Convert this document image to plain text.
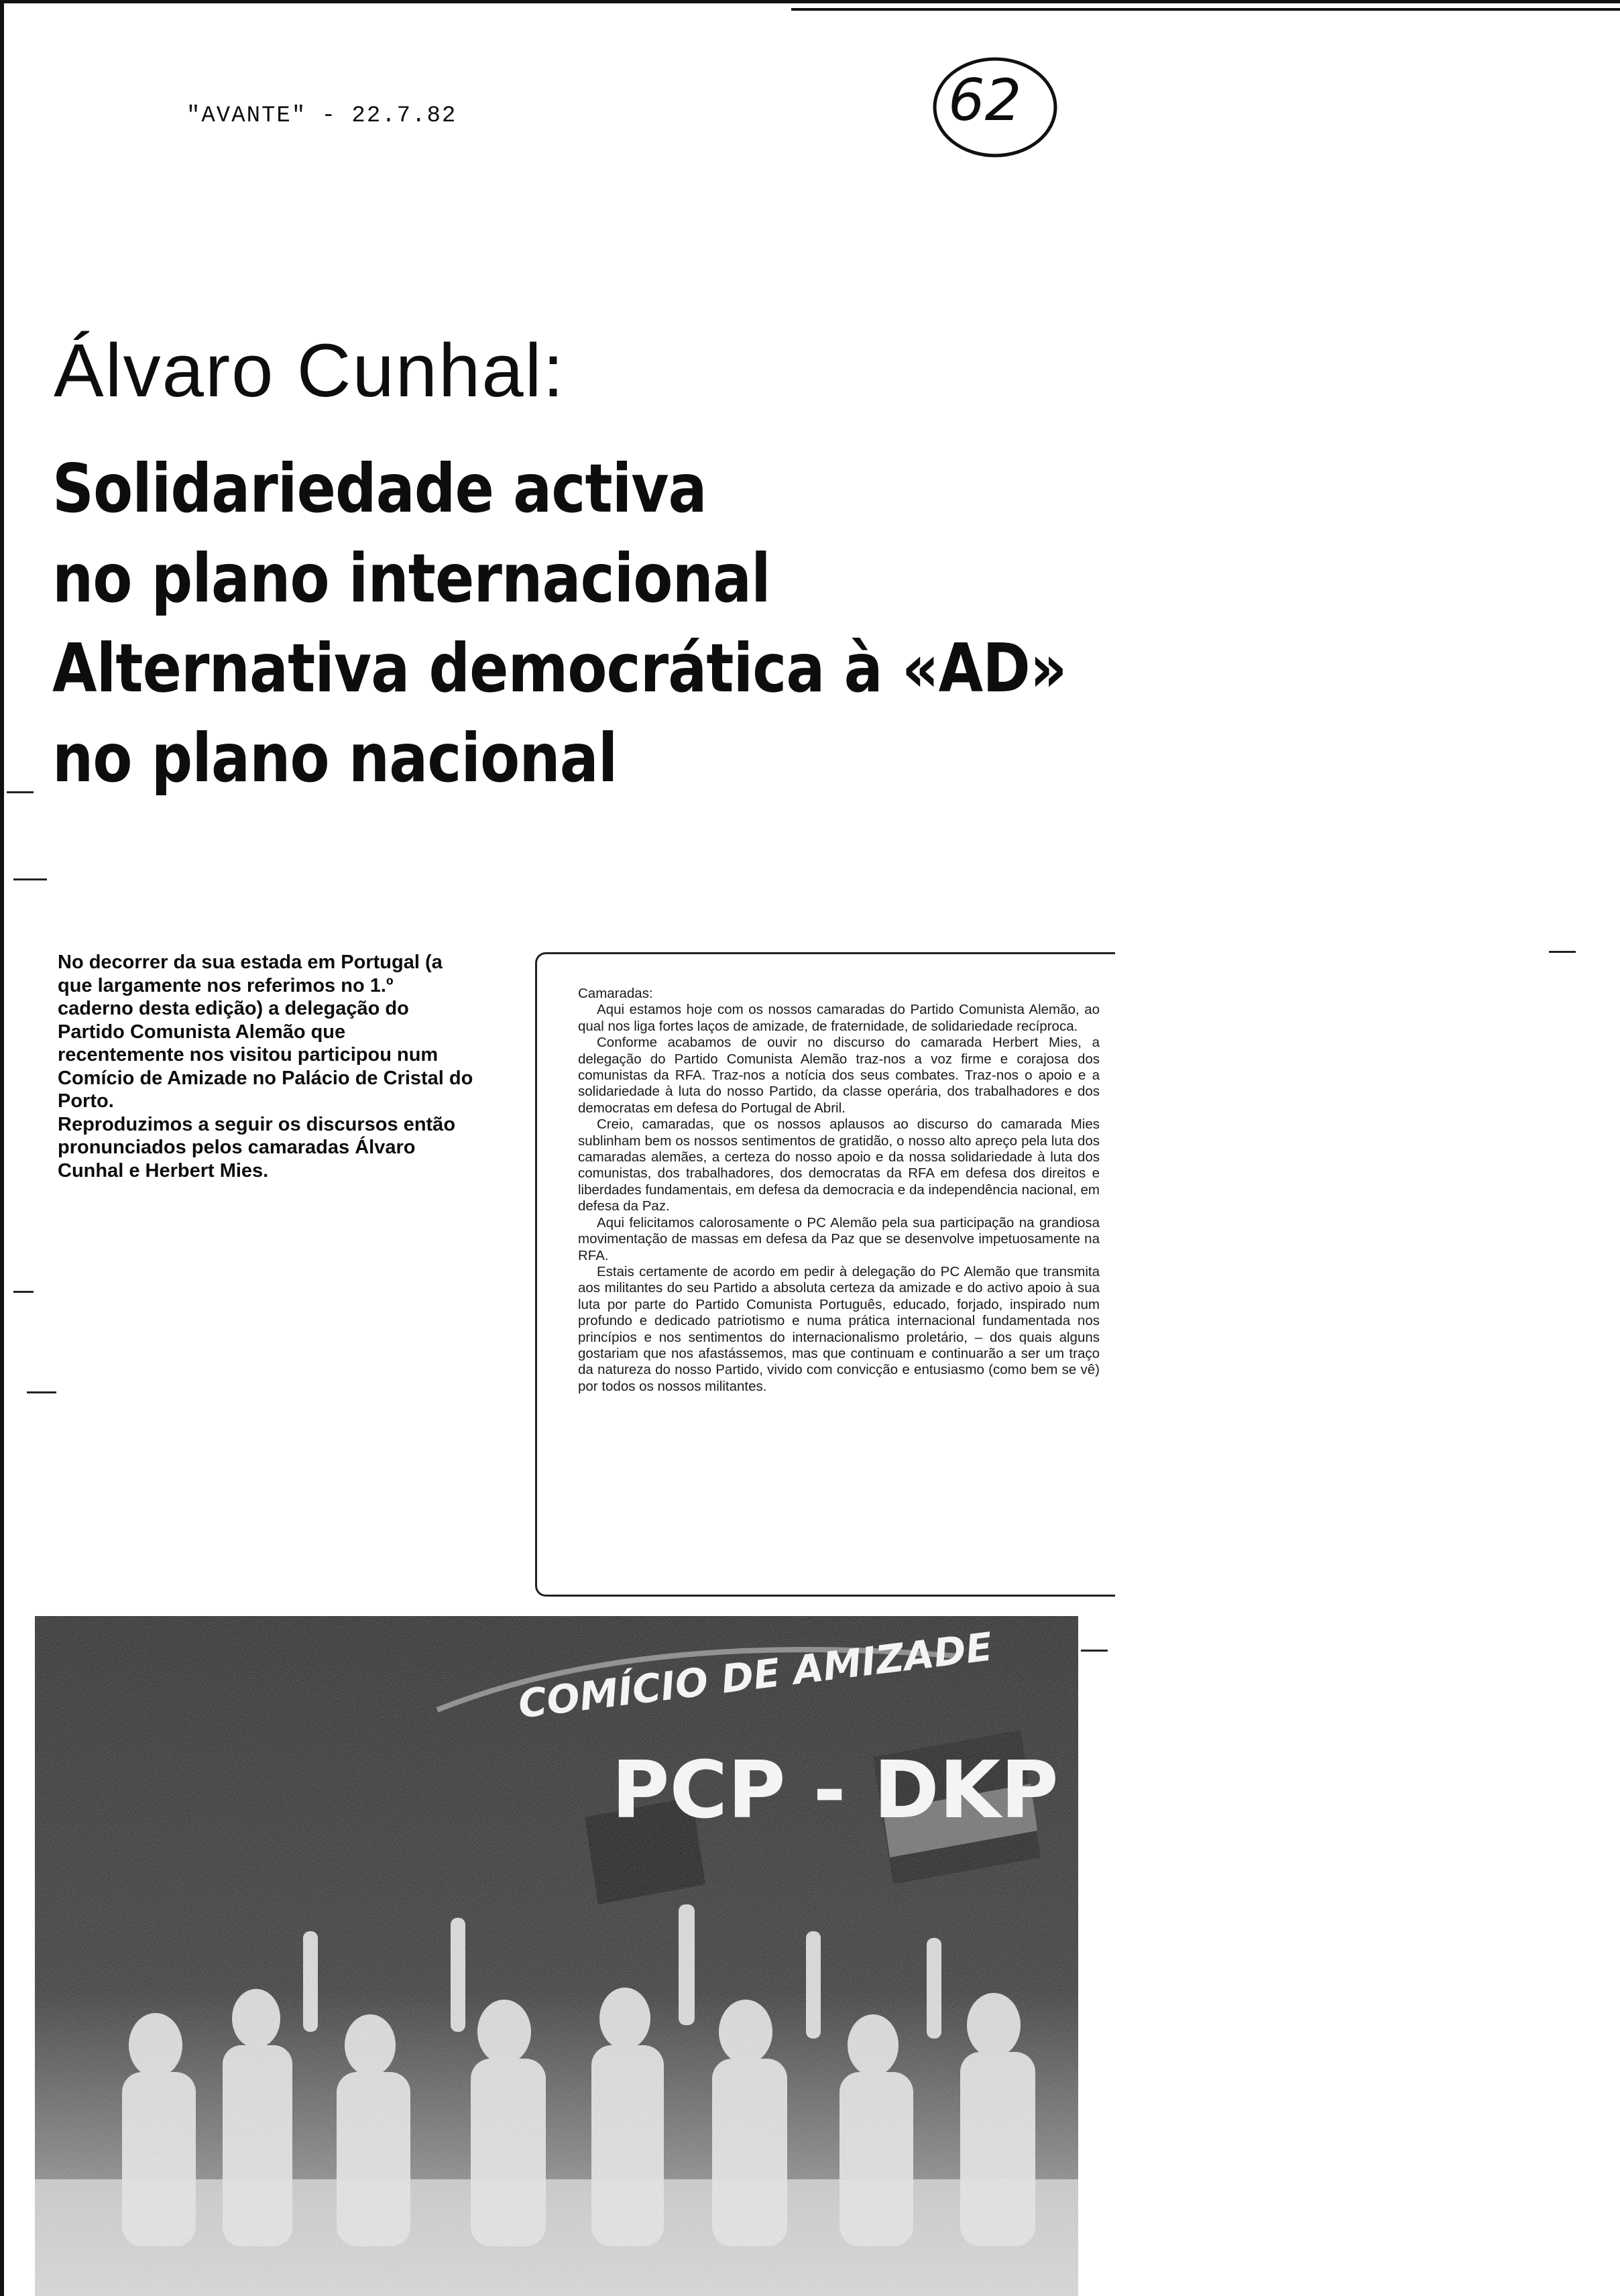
"AVANTE" - 22.7.82	62
Álvaro Cunhal:
Solidariedade activa
no plano internacional
Alternativa democrática à «AD»
no plano nacional

No decorrer da sua estada em Portugal (a que largamente nos referimos no 1.º caderno desta edição) a delegação do Partido Comunista Alemão que recentemente nos visitou participou num Comício de Amizade no Palácio de Cristal do Porto.

Reproduzimos a seguir os discursos então pronunciados pelos camaradas Álvaro Cunhal e Herbert Mies.

Camaradas:

Aqui estamos hoje com os nossos camaradas do Partido Comunista Alemão, ao qual nos liga fortes laços de amizade, de fraternidade, de solidariedade recíproca.

Conforme acabamos de ouvir no discurso do camarada Herbert Mies, a delegação do Partido Comunista Alemão traz-nos a voz firme e corajosa dos comunistas da RFA. Traz-nos a notícia dos seus combates. Traz-nos o apoio e a solidariedade à luta do nosso Partido, da classe operária, dos trabalhadores e dos democratas em defesa do Portugal de Abril.

Creio, camaradas, que os nossos aplausos ao discurso do camarada Mies sublinham bem os nossos sentimentos de gratidão, o nosso alto apreço pela luta dos camaradas alemães, a certeza do nosso apoio e da nossa solidariedade à luta dos comunistas, dos trabalhadores, dos democratas da RFA em defesa dos direitos e liberdades fundamentais, em defesa da democracia e da independência nacional, em defesa da Paz.

Aqui felicitamos calorosamente o PC Alemão pela sua participação na grandiosa movimentação de massas em defesa da Paz que se desenvolve impetuosamente na RFA.

Estais certamente de acordo em pedir à delegação do PC Alemão que transmita aos militantes do seu Partido a absoluta certeza da amizade e do activo apoio à sua luta por parte do Partido Comunista Português, educado, forjado, inspirado num profundo e dedicado patriotismo e numa prática internacional fundamentada nos princípios e nos sentimentos do internacionalismo proletário, – dos quais alguns gostariam que nos afastássemos, mas que continuam e continuarão a ser um traço da natureza do nosso Partido, vivido com convicção e entusiasmo (como bem se vê) por todos os nossos militantes.

COMÍCIO DE AMIZADE
PCP - DKP
